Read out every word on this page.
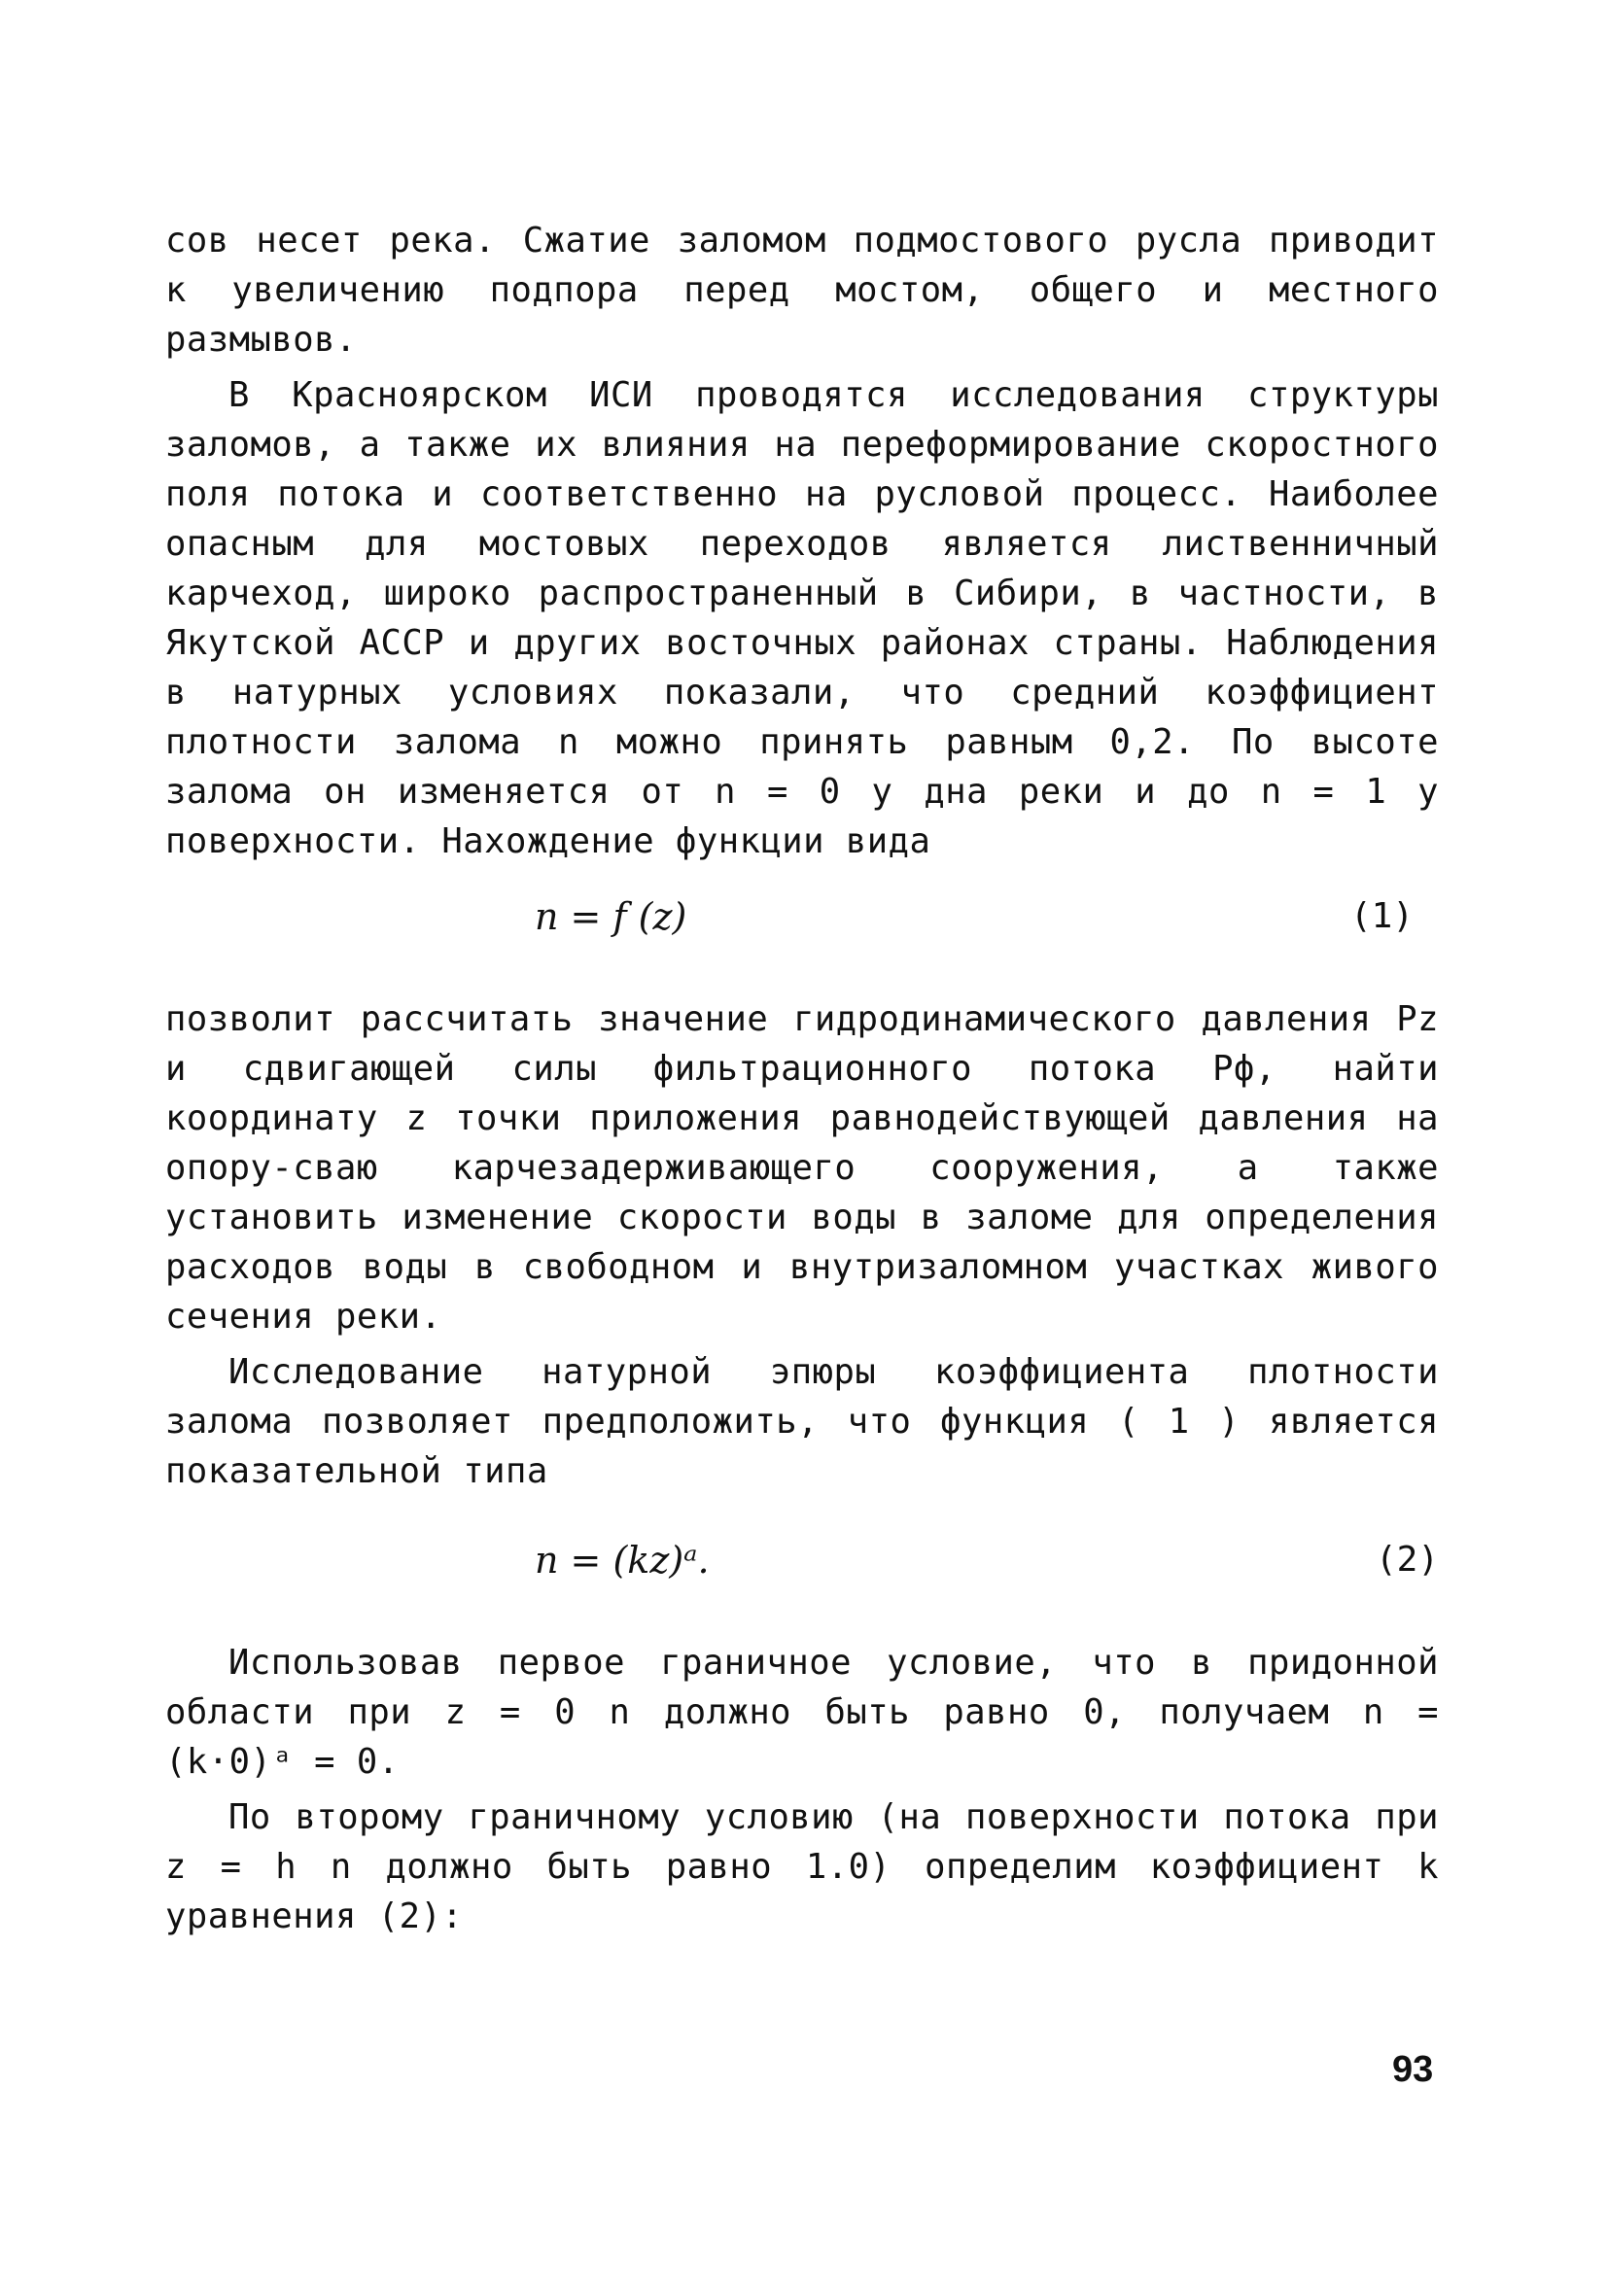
сов несет река. Сжатие заломом подмостового русла приводит к увеличению подпора перед мостом, общего и местного размывов.

В Красноярском ИСИ проводятся исследования структуры заломов, а также их влияния на переформирование скоростного поля потока и соответственно на русловой процесс. Наиболее опасным для мостовых переходов является лиственничный карчеход, широко распространенный в Сибири, в частности, в Якутской АССР и других восточных районах страны. Наблюдения в натурных условиях показали, что средний коэффициент плотности залома n можно принять равным 0,2. По высоте залома он изменяется от n = 0 у дна реки и до n = 1 у поверхности. Нахождение функции вида

n = f (z)	(1)

позволит рассчитать значение гидродинамического давления Pz и сдвигающей силы фильтрационного потока Pф, найти координату z точки приложения равнодействующей давления на опору-сваю карчезадерживающего сооружения, а также установить изменение скорости воды в заломе для определения расходов воды в свободном и внутризаломном участках живого сечения реки.

Исследование натурной эпюры коэффициента плотности залома позволяет предположить, что функция ( 1 ) является показательной типа

n = (kz)ᵃ.	(2)

Использовав первое граничное условие, что в придонной области при z = 0 n должно быть равно 0, получаем n = (k·0)ᵃ = 0.

По второму граничному условию (на поверхности потока при z = h n должно быть равно 1.0) определим коэффициент k уравнения (2):

93
